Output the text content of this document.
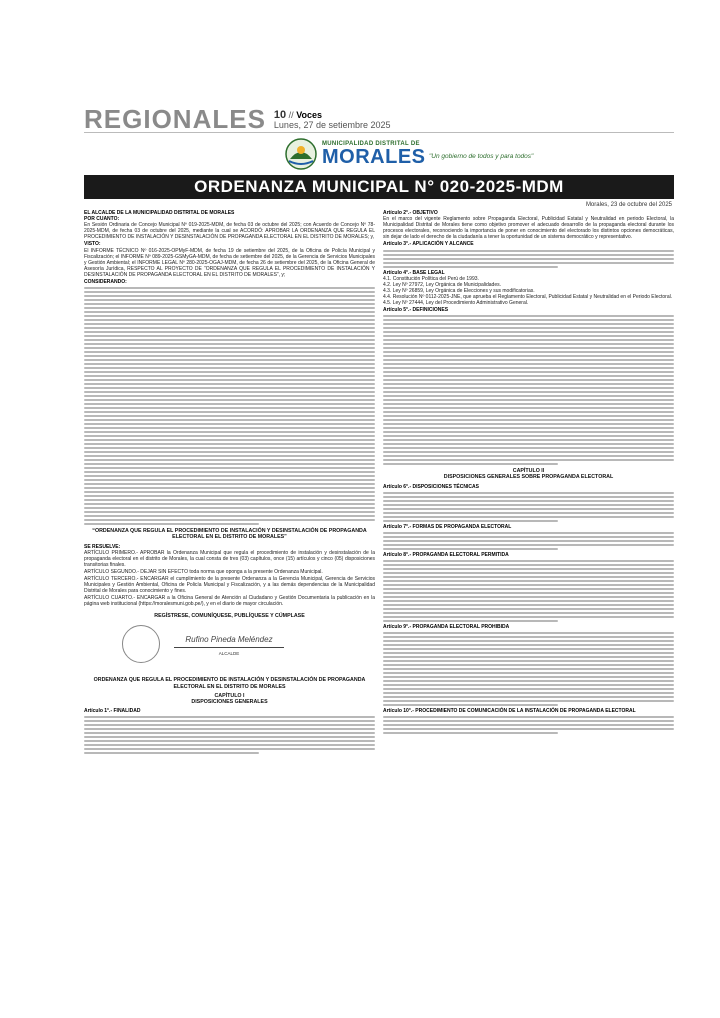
REGIONALES 10 // Voces
Lunes, 27 de setiembre 2025
MUNICIPALIDAD DISTRITAL DE
MORALES "Un gobierno de todos y para todos"
ORDENANZA MUNICIPAL N° 020-2025-MDM
Morales, 23 de octubre del 2025
EL ALCALDE DE LA MUNICIPALIDAD DISTRITAL DE MORALES
POR CUANTO:
En Sesión Ordinaria de Concejo Municipal Nº 019-2025-MDM, de fecha 03 de octubre del 2025; con Acuerdo de Concejo Nº 78-2025-MDM, de fecha 03 de octubre del 2025, mediante la cual se ACORDÓ: APROBAR LA ORDENANZA QUE REGULA EL PROCEDIMIENTO DE INSTALACIÓN Y DESINSTALACIÓN DE PROPAGANDA ELECTORAL EN EL DISTRITO DE MORALES; y,
VISTO:
El INFORME TÉCNICO Nº 016-2025-OPMyF-MDM, de fecha 19 de setiembre del 2025, de la Oficina de Policía Municipal y Fiscalización; el INFORME Nº 089-2025-GSMyGA-MDM, de fecha de setiembre del 2025, de la Gerencia de Servicios Municipales y Gestión Ambiental; el INFORME LEGAL Nº 280-2025-OGAJ-MDM, de fecha 26 de setiembre del 2025, de la Oficina General de Asesoría Jurídica, RESPECTO AL PROYECTO DE “ORDENANZA QUE REGULA EL PROCEDIMIENTO DE INSTALACIÓN Y DESINSTALACIÓN DE PROPAGANDA ELECTORAL EN EL DISTRITO DE MORALES”, y;
CONSIDERANDO:
“ORDENANZA QUE REGULA EL PROCEDIMIENTO DE INSTALACIÓN Y DESINSTALACIÓN DE PROPAGANDA ELECTORAL EN EL DISTRITO DE MORALES”
SE RESUELVE:
ARTÍCULO PRIMERO.- APROBAR la Ordenanza Municipal que regula el procedimiento de instalación y desinstalación de la propaganda electoral en el distrito de Morales, la cual consta de tres (03) capítulos, once (15) artículos y cinco (05) disposiciones transitorias finales.
ARTÍCULO SEGUNDO.- DEJAR SIN EFECTO toda norma que oponga a la presente Ordenanza Municipal.
ARTÍCULO TERCERO.- ENCARGAR el cumplimiento de la presente Ordenanza a la Gerencia Municipal, Gerencia de Servicios Municipales y Gestión Ambiental, Oficina de Policía Municipal y Fiscalización, y a las demás dependencias de la Municipalidad Distrital de Morales para conocimiento y fines.
ARTÍCULO CUARTO.- ENCARGAR a la Oficina General de Atención al Ciudadano y Gestión Documentaria la publicación en la página web institucional (https://moralesmuni.gob.pe/), y en el diario de mayor circulación.
REGÍSTRESE, COMUNÍQUESE, PUBLÍQUESE Y CÚMPLASE
Rufino Pineda Meléndez
ALCALDE
ORDENANZA QUE REGULA EL PROCEDIMIENTO DE INSTALACIÓN Y DESINSTALACIÓN DE PROPAGANDA ELECTORAL EN EL DISTRITO DE MORALES
CAPÍTULO I
DISPOSICIONES GENERALES
Artículo 1°.- FINALIDAD
Artículo 2°.- OBJETIVO
En el marco del vigente Reglamento sobre Propaganda Electoral, Publicidad Estatal y Neutralidad en periodo Electoral, la Municipalidad Distrital de Morales tiene como objetivo promover el adecuado desarrollo de la propaganda electoral durante los procesos electorales, reconociendo la importancia de poner en conocimiento del electorado los distintos opciones democráticas, sin dejar de lado el derecho de la ciudadanía a tener la oportunidad de un sistema democrático y representativo.
Artículo 3°.- APLICACIÓN Y ALCANCE
Artículo 4°.- BASE LEGAL
4.1. Constitución Política del Perú de 1993.
4.2. Ley Nº 27972, Ley Orgánica de Municipalidades.
4.3. Ley Nº 26859, Ley Orgánica de Elecciones y sus modificatorias.
4.4. Resolución Nº 0112-2025-JNE, que aprueba el Reglamento Electoral, Publicidad Estatal y Neutralidad en el Periodo Electoral.
4.5. Ley Nº 27444, Ley del Procedimiento Administrativo General.
Artículo 5°.- DEFINICIONES
CAPÍTULO II
DISPOSICIONES GENERALES SOBRE PROPAGANDA ELECTORAL
Artículo 6°.- DISPOSICIONES TÉCNICAS
Artículo 7°.- FORMAS DE PROPAGANDA ELECTORAL
Artículo 8°.- PROPAGANDA ELECTORAL PERMITIDA
Artículo 9°.- PROPAGANDA ELECTORAL PROHIBIDA
Artículo 10°.- PROCEDIMIENTO DE COMUNICACIÓN DE LA INSTALACIÓN DE PROPAGANDA ELECTORAL
